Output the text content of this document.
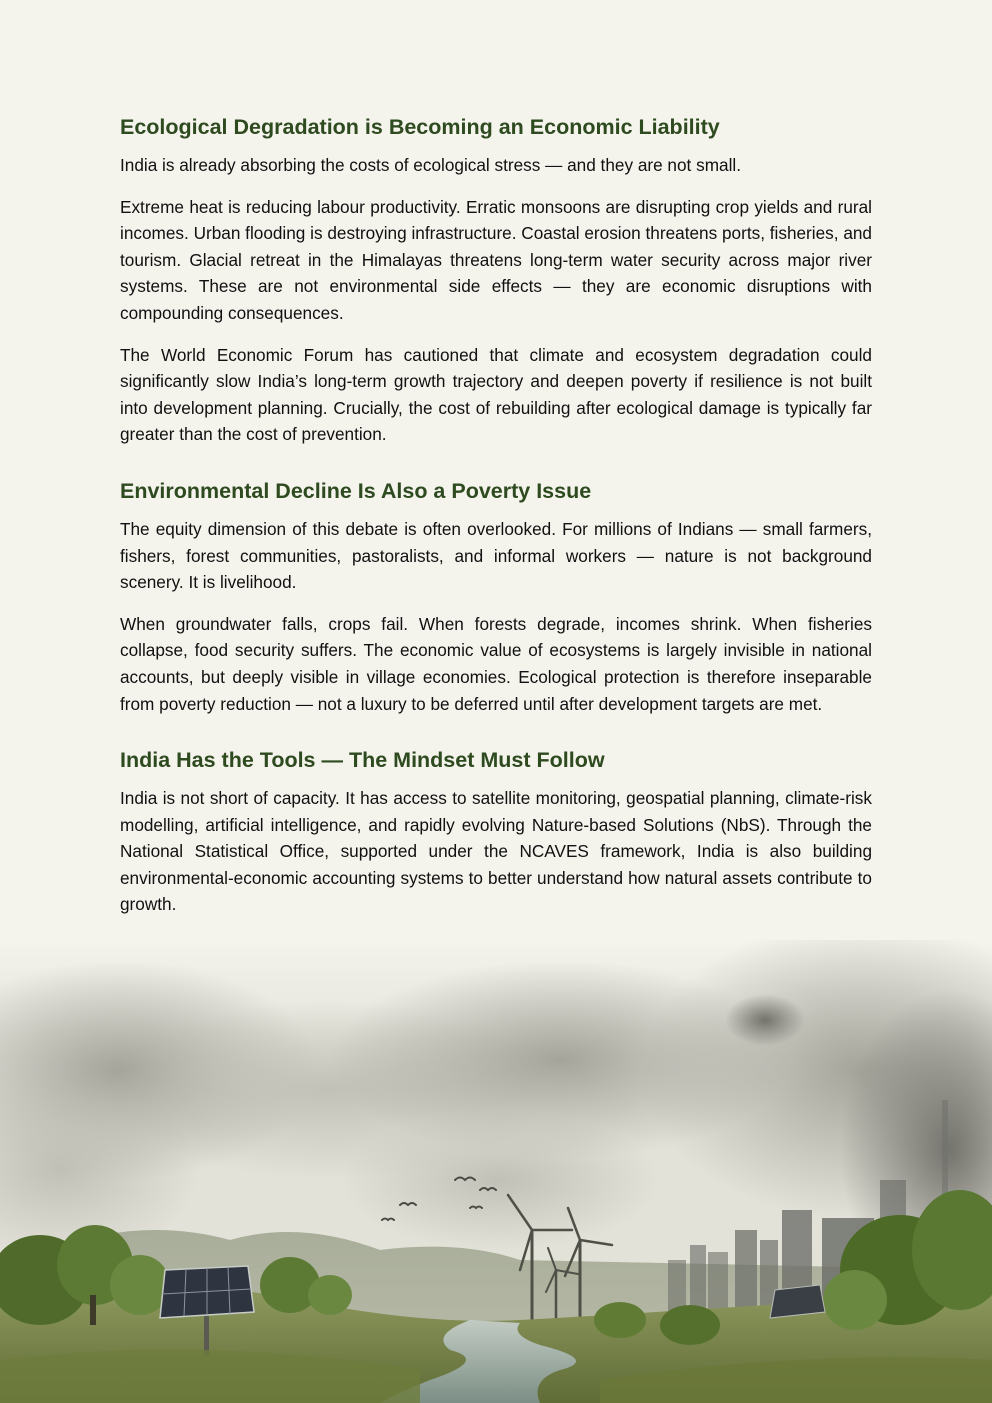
Ecological Degradation is Becoming an Economic Liability

India is already absorbing the costs of ecological stress — and they are not small.

Extreme heat is reducing labour productivity. Erratic monsoons are disrupting crop yields and rural incomes. Urban flooding is destroying infrastructure. Coastal erosion threatens ports, fisheries, and tourism. Glacial retreat in the Himalayas threatens long-term water security across major river systems. These are not environmental side effects — they are economic disruptions with compounding consequences.

The World Economic Forum has cautioned that climate and ecosystem degradation could significantly slow India’s long-term growth trajectory and deepen poverty if resilience is not built into development planning. Crucially, the cost of rebuilding after ecological damage is typically far greater than the cost of prevention.

Environmental Decline Is Also a Poverty Issue

The equity dimension of this debate is often overlooked. For millions of Indians — small farmers, fishers, forest communities, pastoralists, and informal workers — nature is not background scenery. It is livelihood.

When groundwater falls, crops fail. When forests degrade, incomes shrink. When fisheries collapse, food security suffers. The economic value of ecosystems is largely invisible in national accounts, but deeply visible in village economies. Ecological protection is therefore inseparable from poverty reduction — not a luxury to be deferred until after development targets are met.

India Has the Tools — The Mindset Must Follow

India is not short of capacity. It has access to satellite monitoring, geospatial planning, climate-risk modelling, artificial intelligence, and rapidly evolving Nature-based Solutions (NbS). Through the National Statistical Office, supported under the NCAVES framework, India is also building environmental-economic accounting systems to better understand how natural assets contribute to growth.
